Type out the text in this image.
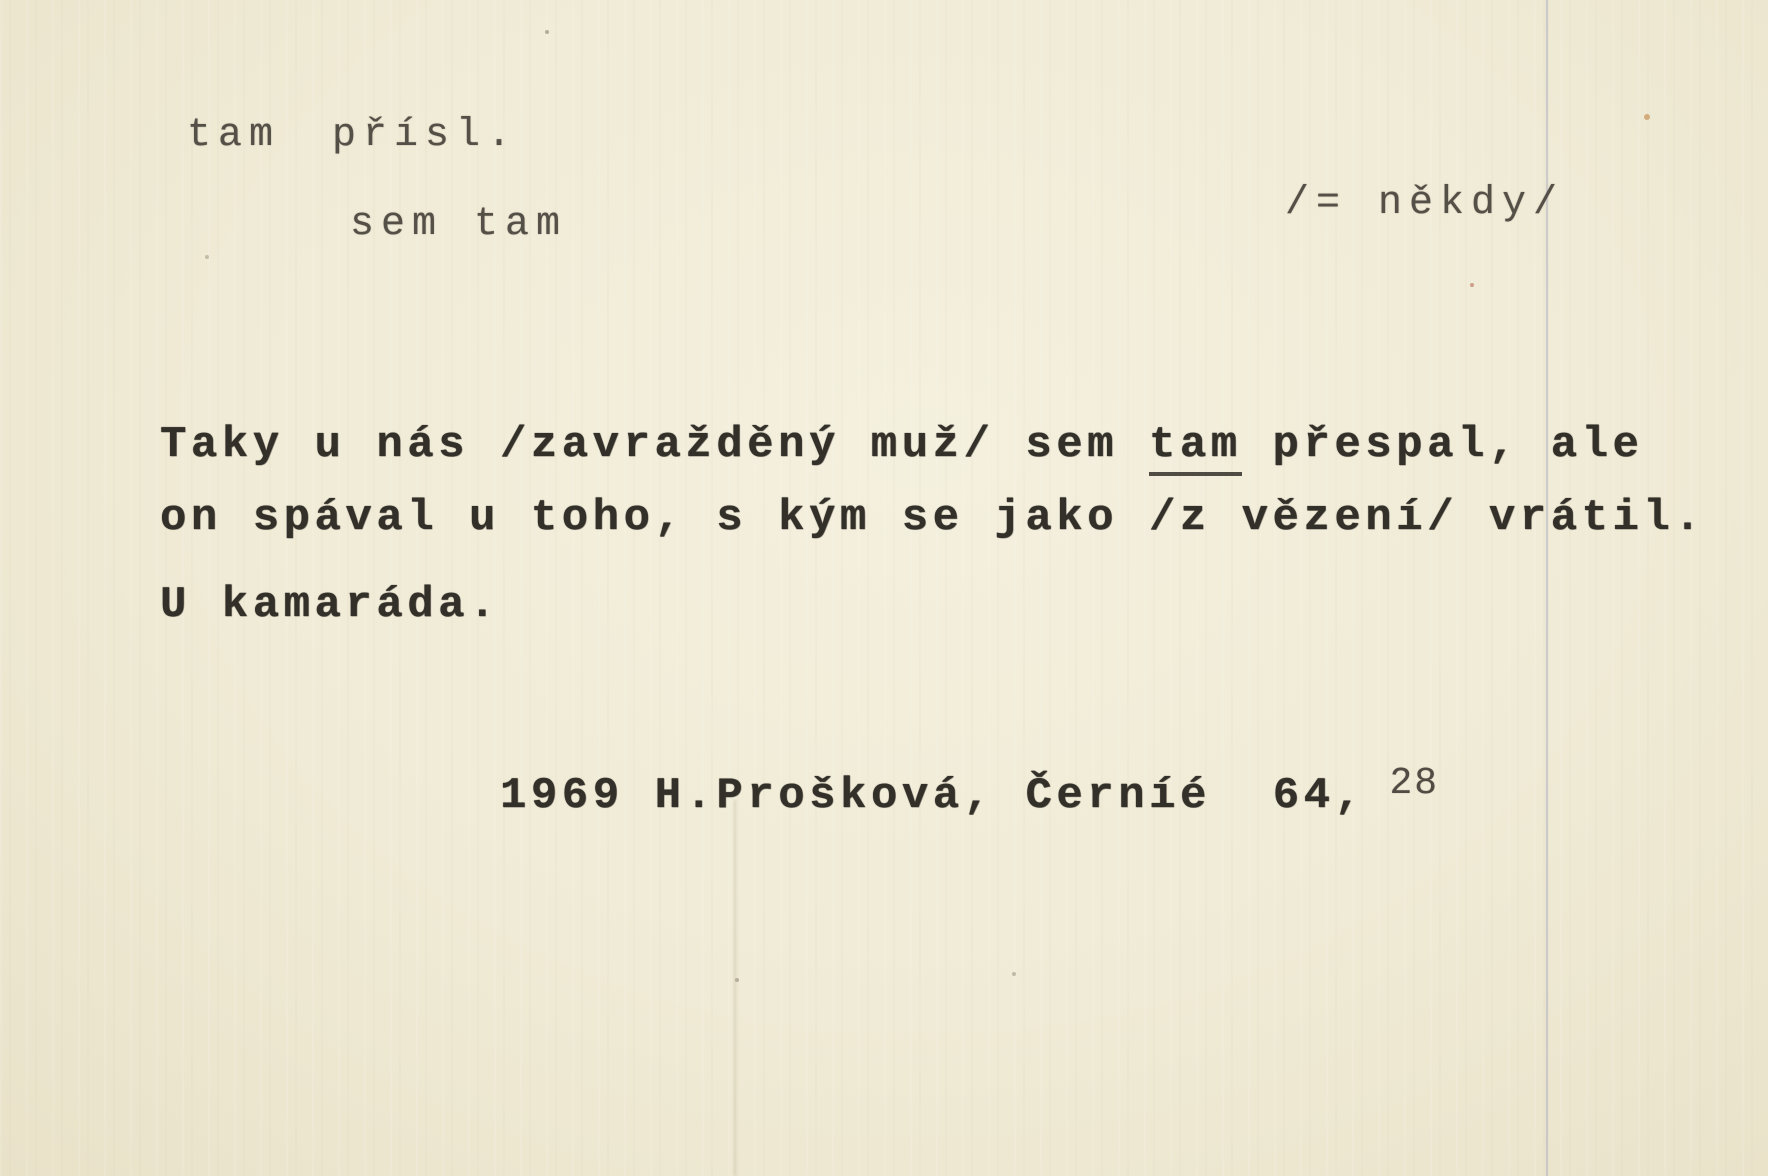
tam přísl.
sem tam	/= někdy/
Taky u nás /zavražděný muž/ sem tam přespal, ale
on spával u toho, s kým se jako /z vězení/ vrátil.
U kamaráda.
1969 H.Prošková, Černíé  64, 28
